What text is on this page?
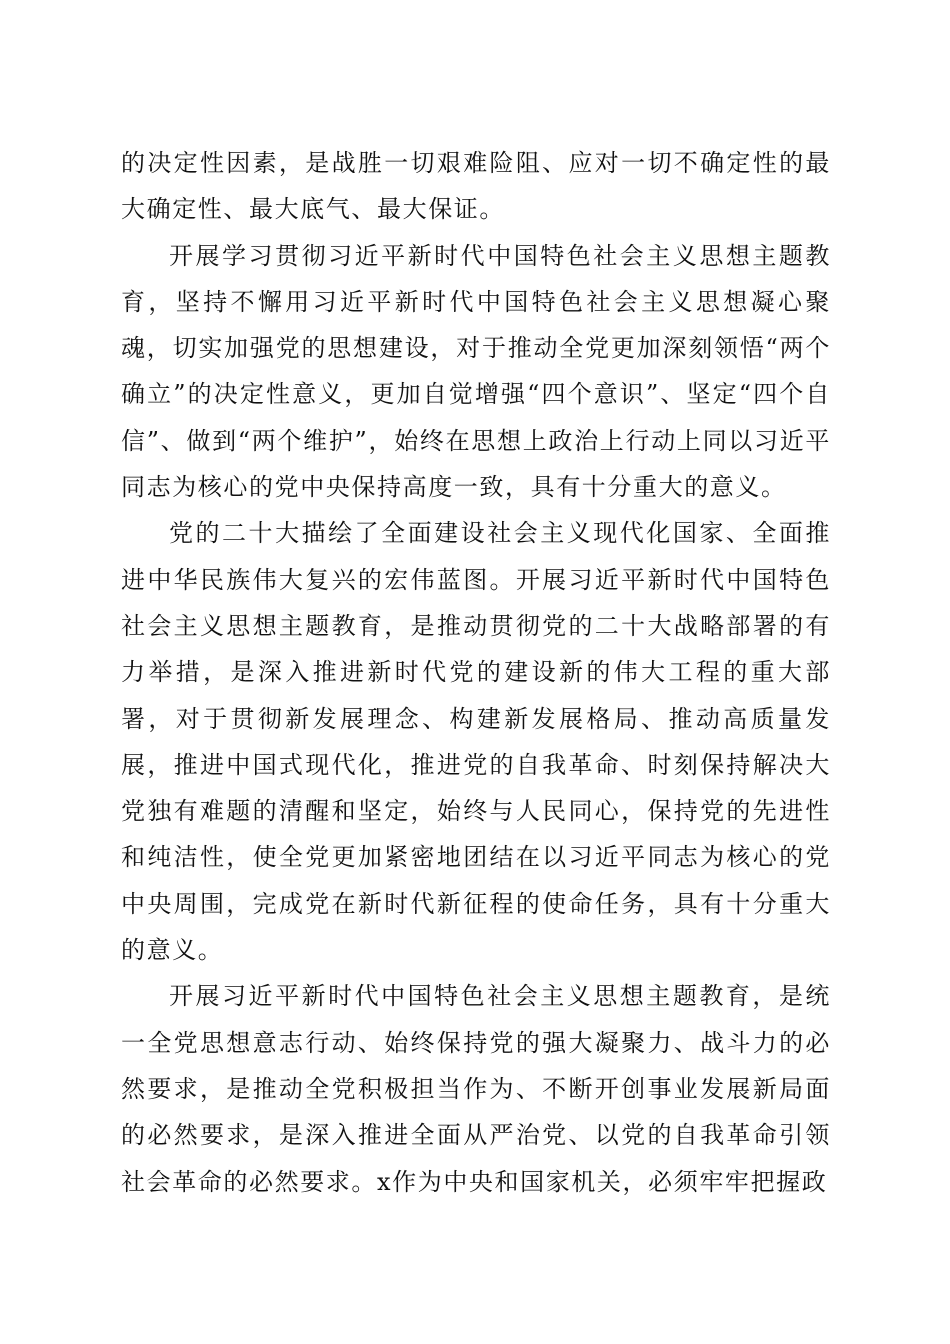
的决定性因素，是战胜一切艰难险阻、应对一切不确定性的最大确定性、最大底气、最大保证。

开展学习贯彻习近平新时代中国特色社会主义思想主题教育，坚持不懈用习近平新时代中国特色社会主义思想凝心聚魂，切实加强党的思想建设，对于推动全党更加深刻领悟“两个确立”的决定性意义，更加自觉增强“四个意识”、坚定“四个自信”、做到“两个维护”，始终在思想上政治上行动上同以习近平同志为核心的党中央保持高度一致，具有十分重大的意义。

党的二十大描绘了全面建设社会主义现代化国家、全面推进中华民族伟大复兴的宏伟蓝图。开展习近平新时代中国特色社会主义思想主题教育，是推动贯彻党的二十大战略部署的有力举措，是深入推进新时代党的建设新的伟大工程的重大部署，对于贯彻新发展理念、构建新发展格局、推动高质量发展，推进中国式现代化，推进党的自我革命、时刻保持解决大党独有难题的清醒和坚定，始终与人民同心，保持党的先进性和纯洁性，使全党更加紧密地团结在以习近平同志为核心的党中央周围，完成党在新时代新征程的使命任务，具有十分重大的意义。

开展习近平新时代中国特色社会主义思想主题教育，是统一全党思想意志行动、始终保持党的强大凝聚力、战斗力的必然要求，是推动全党积极担当作为、不断开创事业发展新局面的必然要求，是深入推进全面从严治党、以党的自我革命引领社会革命的必然要求。x作为中央和国家机关，必须牢牢把握政
